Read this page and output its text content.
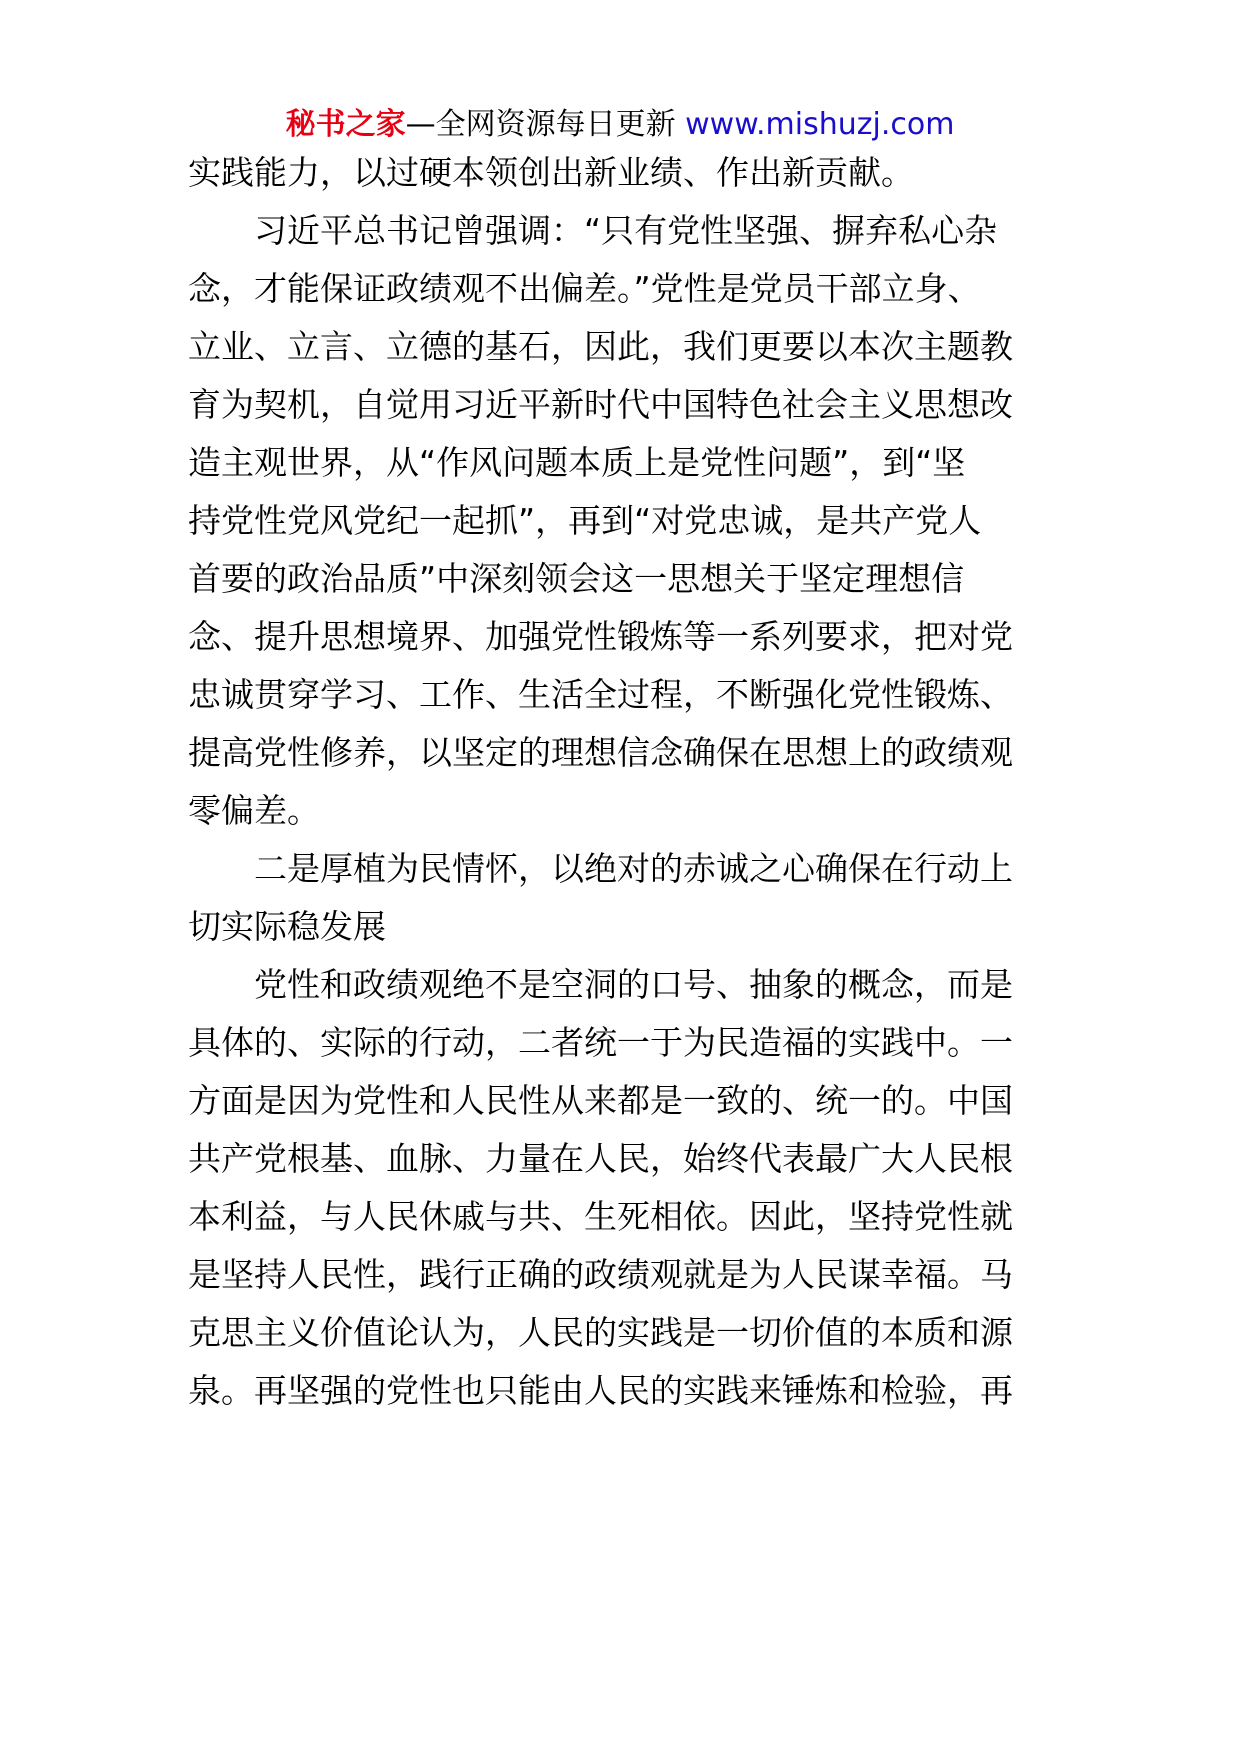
秘书之家—全网资源每日更新 www.mishuzj.com
实践能力，以过硬本领创出新业绩、作出新贡献。
　　习近平总书记曾强调：“只有党性坚强、摒弃私心杂
念，才能保证政绩观不出偏差。”党性是党员干部立身、
立业、立言、立德的基石，因此，我们更要以本次主题教
育为契机，自觉用习近平新时代中国特色社会主义思想改
造主观世界，从“作风问题本质上是党性问题”，到“坚
持党性党风党纪一起抓”，再到“对党忠诚，是共产党人
首要的政治品质”中深刻领会这一思想关于坚定理想信
念、提升思想境界、加强党性锻炼等一系列要求，把对党
忠诚贯穿学习、工作、生活全过程，不断强化党性锻炼、
提高党性修养，以坚定的理想信念确保在思想上的政绩观
零偏差。
　　二是厚植为民情怀，以绝对的赤诚之心确保在行动上
切实际稳发展
　　党性和政绩观绝不是空洞的口号、抽象的概念，而是
具体的、实际的行动，二者统一于为民造福的实践中。一
方面是因为党性和人民性从来都是一致的、统一的。中国
共产党根基、血脉、力量在人民，始终代表最广大人民根
本利益，与人民休戚与共、生死相依。因此，坚持党性就
是坚持人民性，践行正确的政绩观就是为人民谋幸福。马
克思主义价值论认为，人民的实践是一切价值的本质和源
泉。再坚强的党性也只能由人民的实践来锤炼和检验，再
